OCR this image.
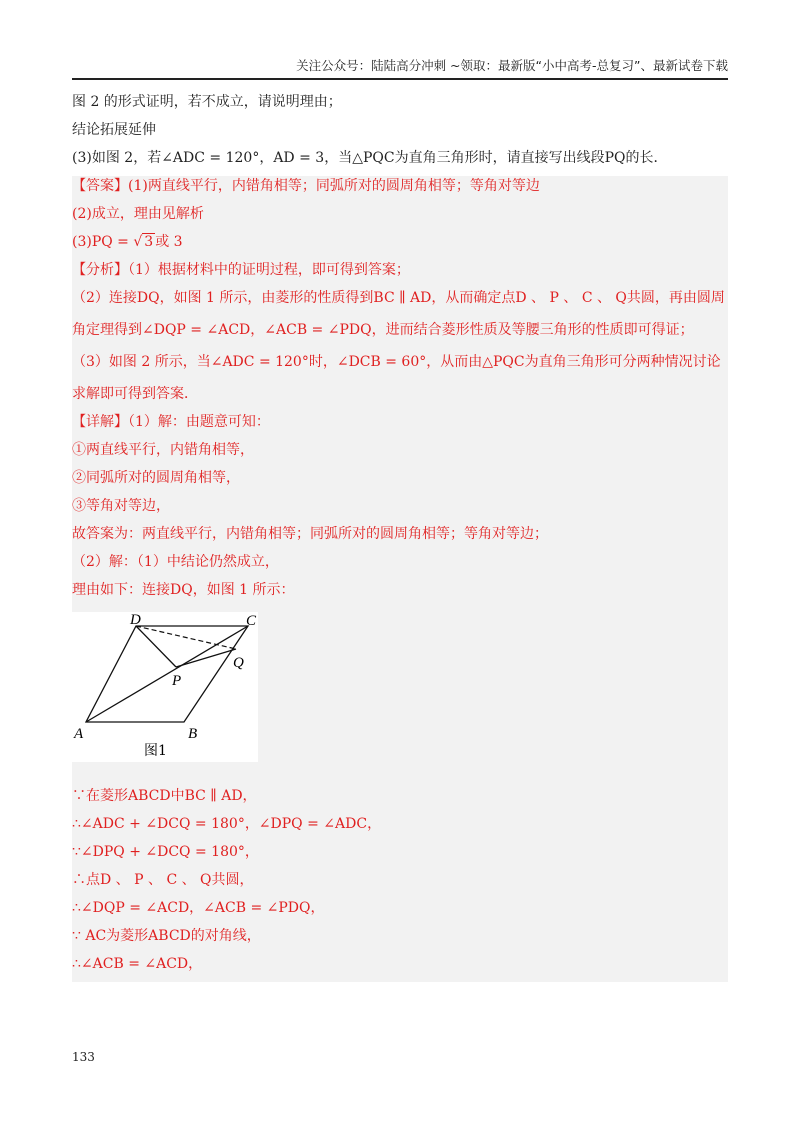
关注公众号：陆陆高分冲刺 ~领取：最新版“小中高考-总复习”、最新试卷下载
图 2 的形式证明，若不成立，请说明理由；
结论拓展延伸
(3)如图 2，若∠ADC = 120°，AD = 3，当△PQC为直角三角形时，请直接写出线段PQ的长．
【答案】(1)两直线平行，内错角相等；同弧所对的圆周角相等；等角对等边
(2)成立，理由见解析
(3)PQ = √ 3 或 3
【分析】（1）根据材料中的证明过程，即可得到答案；
（2）连接DQ，如图 1 所示，由菱形的性质得到BC ∥ AD，从而确定点D 、 P 、 C 、 Q共圆，再由圆周
角定理得到∠DQP = ∠ACD，∠ACB = ∠PDQ，进而结合菱形性质及等腰三角形的性质即可得证；
（3）如图 2 所示，当∠ADC = 120°时，∠DCB = 60°，从而由△PQC为直角三角形可分两种情况讨论
求解即可得到答案．
【详解】（1）解：由题意可知：
①两直线平行，内错角相等，
②同弧所对的圆周角相等，
③等角对等边，
故答案为：两直线平行，内错角相等；同弧所对的圆周角相等；等角对等边；
（2）解：（1）中结论仍然成立，
理由如下：连接DQ，如图 1 所示：
A	B
C
D
P
Q
图1
∵在菱形ABCD中BC ∥ AD，
∴∠ADC + ∠DCQ = 180°，∠DPQ = ∠ADC，
∵∠DPQ + ∠DCQ = 180°，
∴点D 、 P 、 C 、 Q共圆，
∴∠DQP = ∠ACD，∠ACB = ∠PDQ，
∵ AC为菱形ABCD的对角线，
∴∠ACB = ∠ACD，
133
